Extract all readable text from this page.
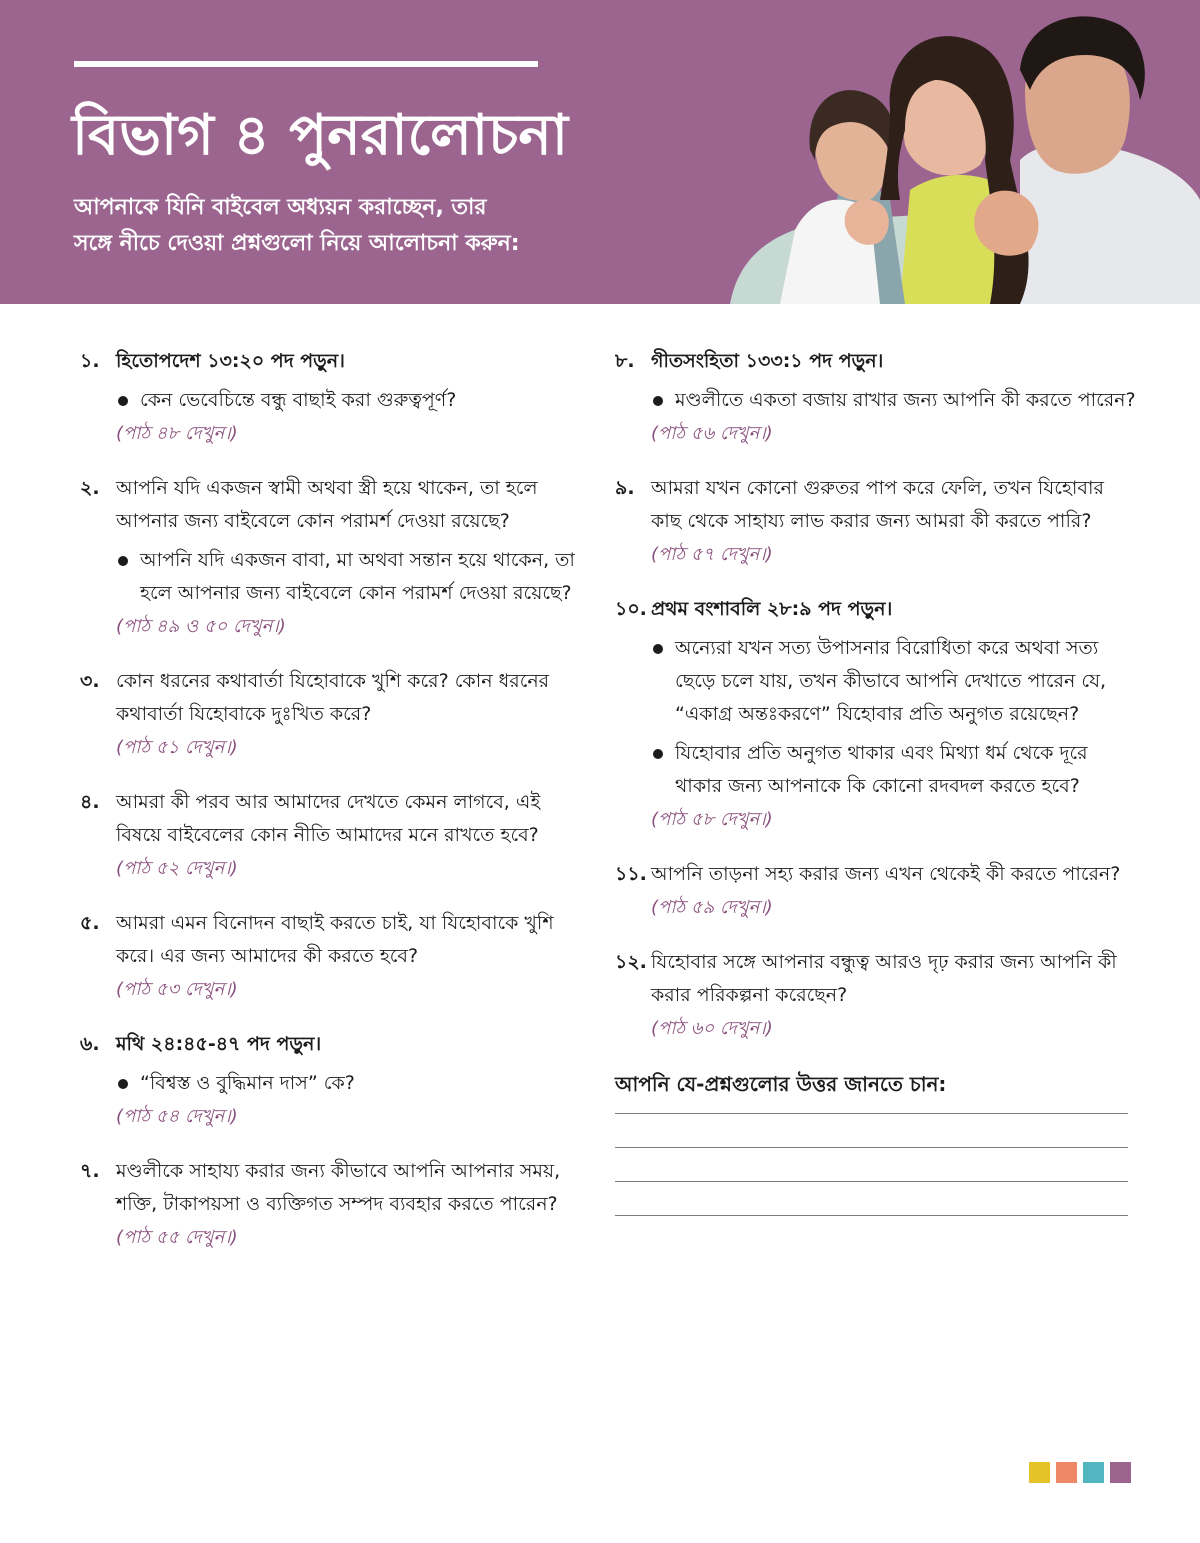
বিভাগ ৪ পুনরালোচনা

আপনাকে যিনি বাইবেল অধ্যয়ন করাচ্ছেন, তার
সঙ্গে নীচে দেওয়া প্রশ্নগুলো নিয়ে আলোচনা করুন:

১. হিতোপদেশ ১৩:২০ পদ পড়ুন।

কেন ভেবেচিন্তে বন্ধু বাছাই করা গুরুত্বপূর্ণ?

(পাঠ ৪৮ দেখুন।)

২. আপনি যদি একজন স্বামী অথবা স্ত্রী হয়ে থাকেন, তা হলে আপনার জন্য বাইবেলে কোন পরামর্শ দেওয়া রয়েছে?

আপনি যদি একজন বাবা, মা অথবা সন্তান হয়ে থাকেন, তা হলে আপনার জন্য বাইবেলে কোন পরামর্শ দেওয়া রয়েছে?

(পাঠ ৪৯ ও ৫০ দেখুন।)

৩. কোন ধরনের কথাবার্তা যিহোবাকে খুশি করে? কোন ধরনের কথাবার্তা যিহোবাকে দুঃখিত করে?

(পাঠ ৫১ দেখুন।)

৪. আমরা কী পরব আর আমাদের দেখতে কেমন লাগবে, এই বিষয়ে বাইবেলের কোন নীতি আমাদের মনে রাখতে হবে?

(পাঠ ৫২ দেখুন।)

৫. আমরা এমন বিনোদন বাছাই করতে চাই, যা যিহোবাকে খুশি করে। এর জন্য আমাদের কী করতে হবে?

(পাঠ ৫৩ দেখুন।)

৬. মথি ২৪:৪৫-৪৭ পদ পড়ুন।

“বিশ্বস্ত ও বুদ্ধিমান দাস” কে?

(পাঠ ৫৪ দেখুন।)

৭. মণ্ডলীকে সাহায্য করার জন্য কীভাবে আপনি আপনার সময়, শক্তি, টাকাপয়সা ও ব্যক্তিগত সম্পদ ব্যবহার করতে পারেন?

(পাঠ ৫৫ দেখুন।)

৮. গীতসংহিতা ১৩৩:১ পদ পড়ুন।

মণ্ডলীতে একতা বজায় রাখার জন্য আপনি কী করতে পারেন?

(পাঠ ৫৬ দেখুন।)

৯. আমরা যখন কোনো গুরুতর পাপ করে ফেলি, তখন যিহোবার কাছ থেকে সাহায্য লাভ করার জন্য আমরা কী করতে পারি?

(পাঠ ৫৭ দেখুন।)

১০. প্রথম বংশাবলি ২৮:৯ পদ পড়ুন।

অন্যেরা যখন সত্য উপাসনার বিরোধিতা করে অথবা সত্য ছেড়ে চলে যায়, তখন কীভাবে আপনি দেখাতে পারেন যে, “একাগ্র অন্তঃকরণে” যিহোবার প্রতি অনুগত রয়েছেন?

যিহোবার প্রতি অনুগত থাকার এবং মিথ্যা ধর্ম থেকে দূরে থাকার জন্য আপনাকে কি কোনো রদবদল করতে হবে?

(পাঠ ৫৮ দেখুন।)

১১. আপনি তাড়না সহ্য করার জন্য এখন থেকেই কী করতে পারেন?

(পাঠ ৫৯ দেখুন।)

১২. যিহোবার সঙ্গে আপনার বন্ধুত্ব আরও দৃঢ় করার জন্য আপনি কী করার পরিকল্পনা করেছেন?

(পাঠ ৬০ দেখুন।)

আপনি যে-প্রশ্নগুলোর উত্তর জানতে চান:
